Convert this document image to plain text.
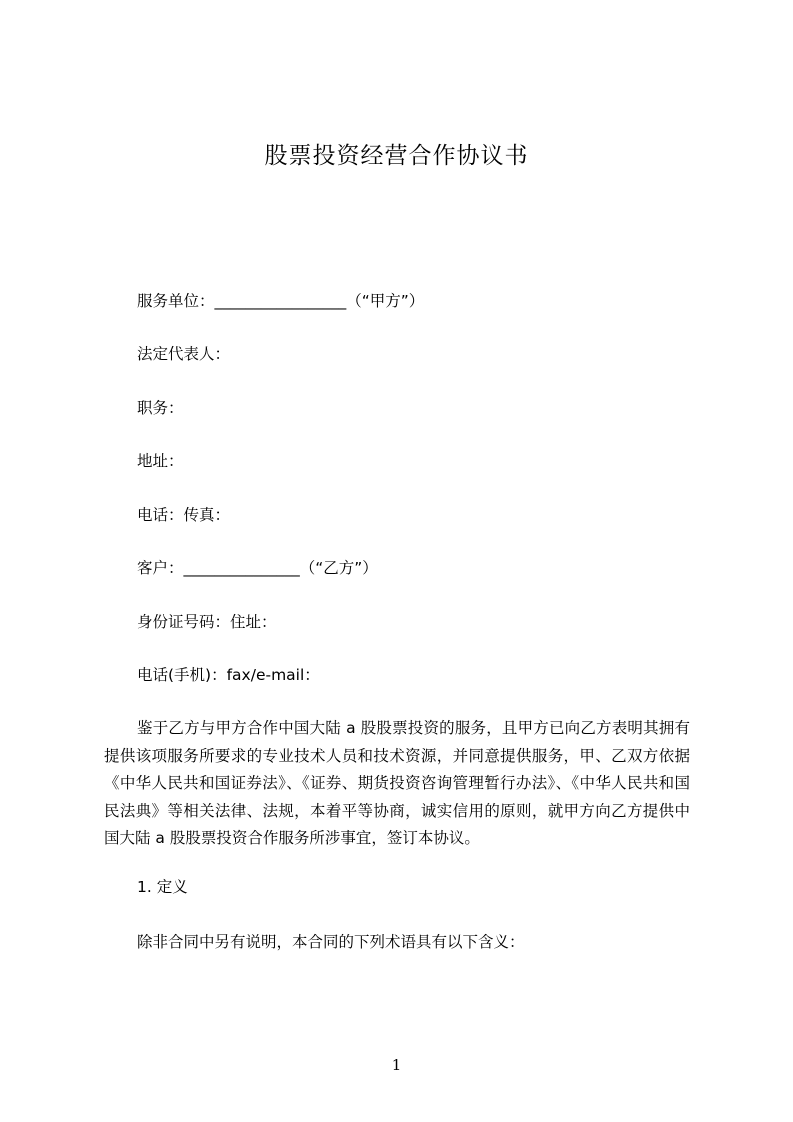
股票投资经营合作协议书
服务单位：_________________（“甲方”）
法定代表人：
职务：
地址：
电话：传真：
客户：_______________（“乙方”）
身份证号码：住址：
电话(手机)：fax/e-mail：
鉴于乙方与甲方合作中国大陆 a 股股票投资的服务，且甲方已向乙方表明其拥有提供该项服务所要求的专业技术人员和技术资源，并同意提供服务，甲、乙双方依据《中华人民共和国证券法》、《证券、期货投资咨询管理暂行办法》、《中华人民共和国民法典》等相关法律、法规，本着平等协商，诚实信用的原则，就甲方向乙方提供中国大陆 a 股股票投资合作服务所涉事宜，签订本协议。
1. 定义
除非合同中另有说明，本合同的下列术语具有以下含义：
1
